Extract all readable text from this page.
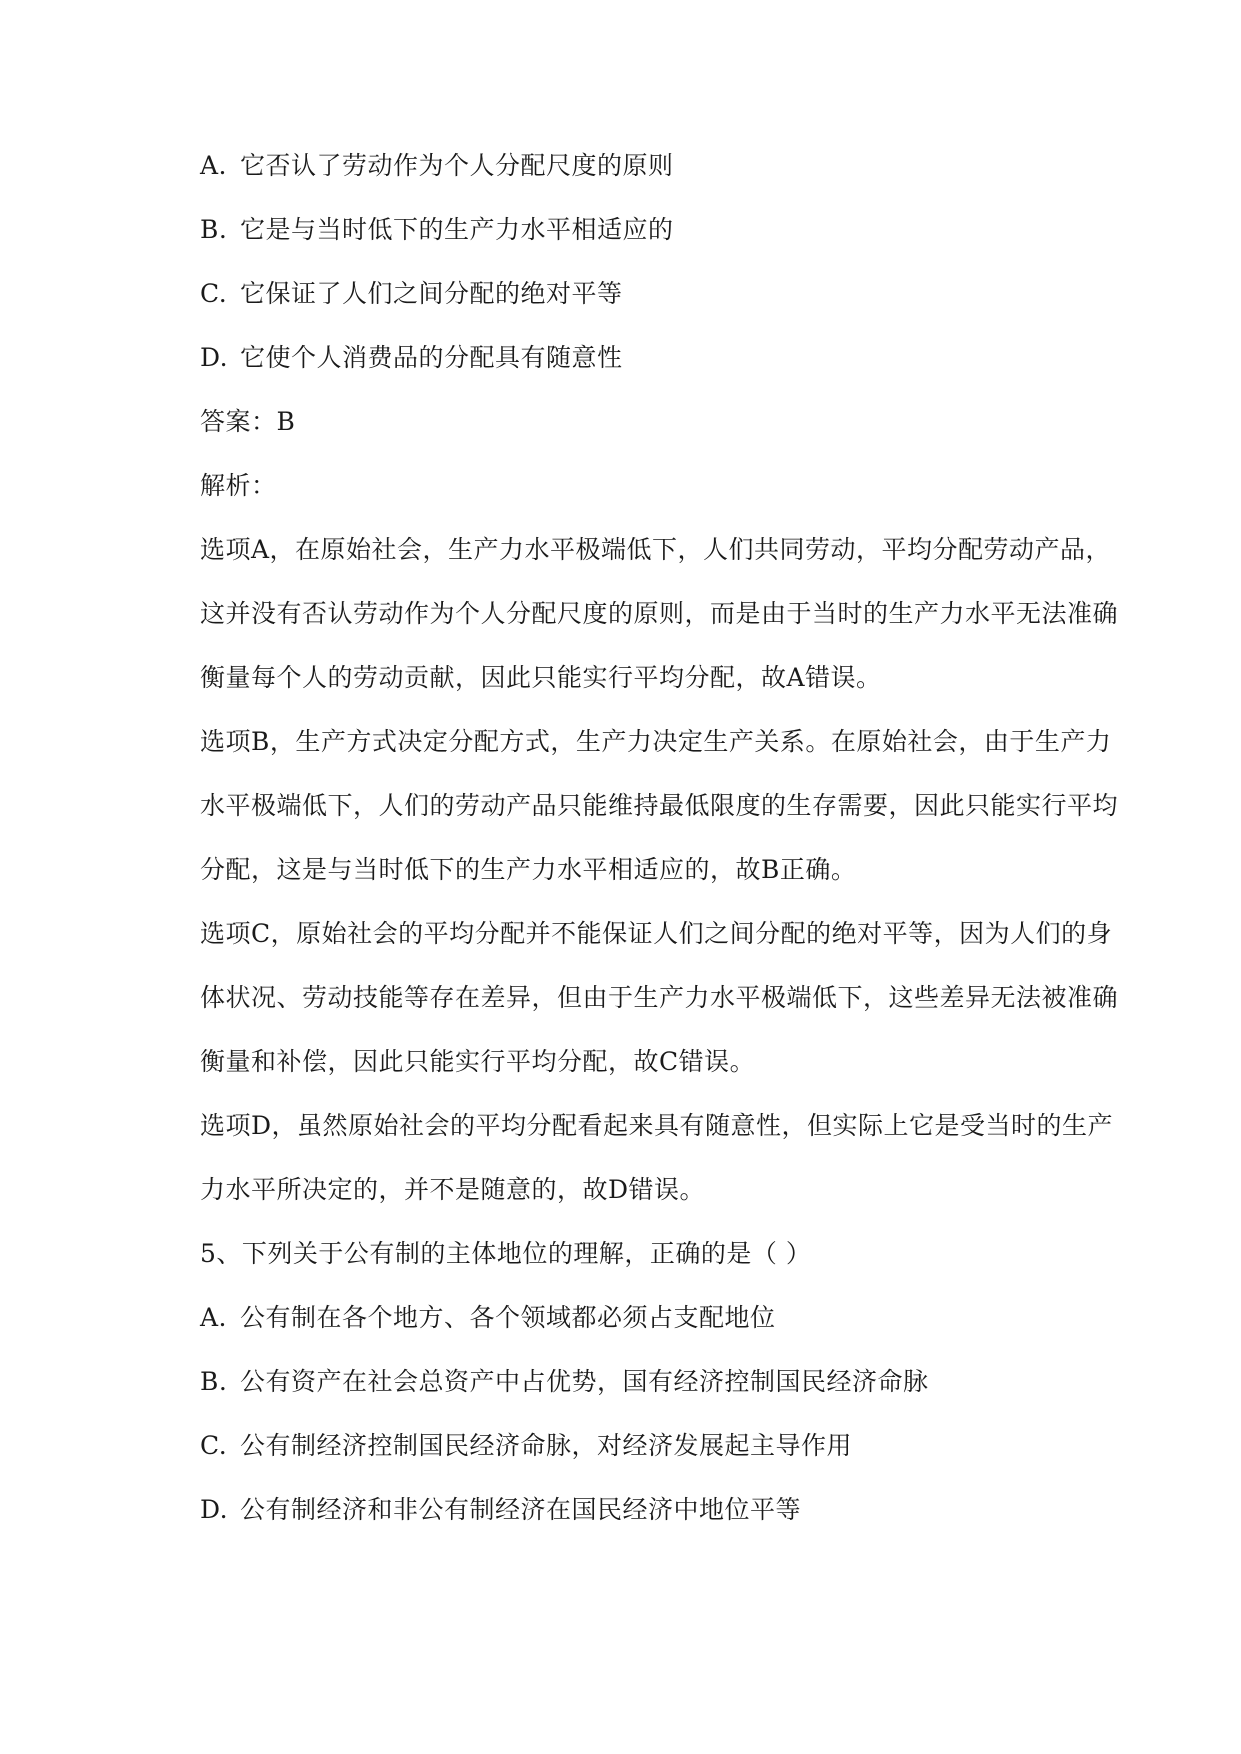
A. 它否认了劳动作为个人分配尺度的原则
B. 它是与当时低下的生产力水平相适应的
C. 它保证了人们之间分配的绝对平等
D. 它使个人消费品的分配具有随意性
答案：B
解析：
选项A，在原始社会，生产力水平极端低下，人们共同劳动，平均分配劳动产品，
这并没有否认劳动作为个人分配尺度的原则，而是由于当时的生产力水平无法准确
衡量每个人的劳动贡献，因此只能实行平均分配，故A错误。
选项B，生产方式决定分配方式，生产力决定生产关系。在原始社会，由于生产力
水平极端低下，人们的劳动产品只能维持最低限度的生存需要，因此只能实行平均
分配，这是与当时低下的生产力水平相适应的，故B正确。
选项C，原始社会的平均分配并不能保证人们之间分配的绝对平等，因为人们的身
体状况、劳动技能等存在差异，但由于生产力水平极端低下，这些差异无法被准确
衡量和补偿，因此只能实行平均分配，故C错误。
选项D，虽然原始社会的平均分配看起来具有随意性，但实际上它是受当时的生产
力水平所决定的，并不是随意的，故D错误。
5、下列关于公有制的主体地位的理解，正确的是（ ）
A. 公有制在各个地方、各个领域都必须占支配地位
B. 公有资产在社会总资产中占优势，国有经济控制国民经济命脉
C. 公有制经济控制国民经济命脉，对经济发展起主导作用
D. 公有制经济和非公有制经济在国民经济中地位平等
